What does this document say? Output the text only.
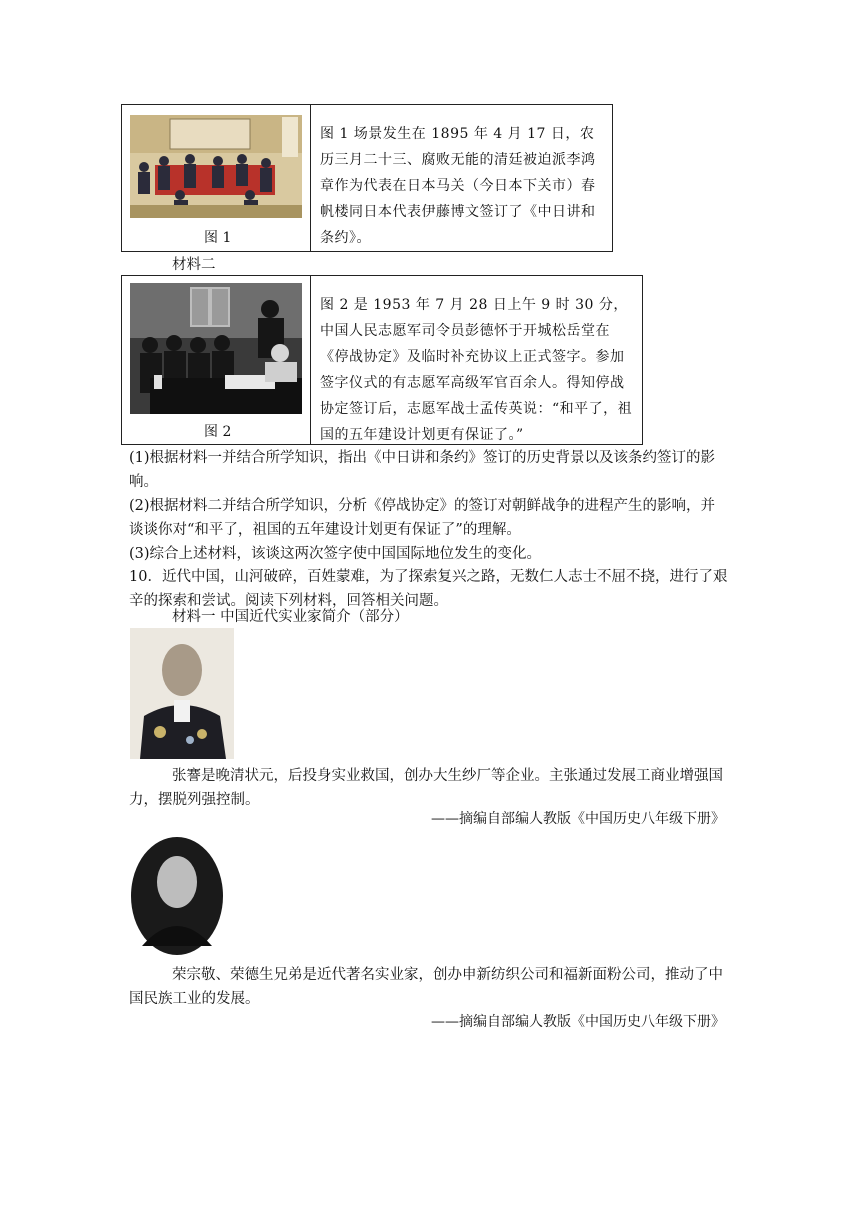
图 1
图 1 场景发生在 1895 年 4 月 17 日，农历三月二十三、腐败无能的清廷被迫派李鸿章作为代表在日本马关（今日本下关市）春帆楼同日本代表伊藤博文签订了《中日讲和条约》。
材料二
图 2
图 2 是 1953 年 7 月 28 日上午 9 时 30 分，中国人民志愿军司令员彭德怀于开城松岳堂在《停战协定》及临时补充协议上正式签字。参加签字仪式的有志愿军高级军官百余人。得知停战协定签订后，志愿军战士孟传英说：“和平了，祖国的五年建设计划更有保证了。”
(1)根据材料一并结合所学知识，指出《中日讲和条约》签订的历史背景以及该条约签订的影响。
(2)根据材料二并结合所学知识，分析《停战协定》的签订对朝鲜战争的进程产生的影响，并谈谈你对“和平了，祖国的五年建设计划更有保证了”的理解。
(3)综合上述材料，该谈这两次签字使中国国际地位发生的变化。
10．近代中国，山河破碎，百姓蒙难，为了探索复兴之路，无数仁人志士不屈不挠，进行了艰辛的探索和尝试。阅读下列材料，回答相关问题。
材料一 中国近代实业家简介（部分）
张謇是晚清状元，后投身实业救国，创办大生纱厂等企业。主张通过发展工商业增强国力，摆脱列强控制。
——摘编自部编人教版《中国历史八年级下册》
荣宗敬、荣德生兄弟是近代著名实业家，创办申新纺织公司和福新面粉公司，推动了中国民族工业的发展。
——摘编自部编人教版《中国历史八年级下册》
